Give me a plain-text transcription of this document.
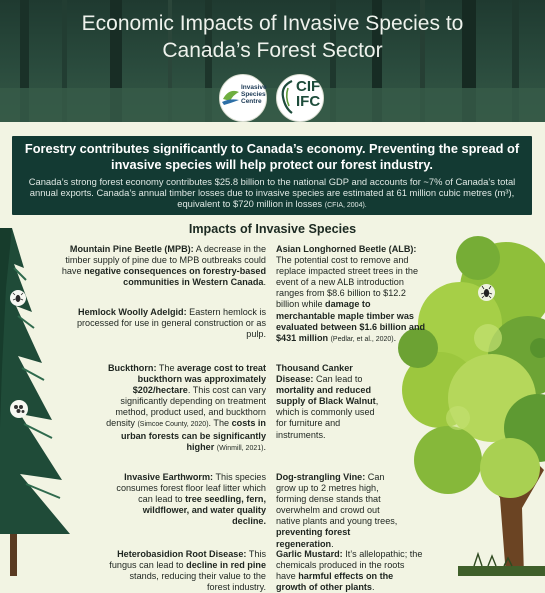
Economic Impacts of Invasive Species to
Canada’s Forest Sector
Invasive
Species
Centre
CIF
IFC
Forestry contributes significantly to Canada’s economy. Preventing the spread of invasive species will help protect our forest industry.
Canada’s strong forest economy contributes $25.8 billion to the national GDP and accounts for ~7% of Canada’s total annual exports. Canada’s annual timber losses due to invasive species are estimated at 61 million cubic metres (m³), equivalent to $720 million in losses (CFIA, 2004).
Impacts of Invasive Species
Mountain Pine Beetle (MPB): A decrease in the timber supply of pine due to MPB outbreaks could have negative consequences on forestry-based communities in Western Canada.
Hemlock Woolly Adelgid: Eastern hemlock is processed for use in general construction or as pulp.
Buckthorn: The average cost to treat buckthorn was approximately $202/hectare. This cost can vary significantly depending on treatment method, product used, and buckthorn density (Simcoe County, 2020). The costs in urban forests can be significantly higher (Winmill, 2021).
Invasive Earthworm: This species consumes forest floor leaf litter which can lead to tree seedling, fern, wildflower, and water quality decline.
Heterobasidion Root Disease: This fungus can lead to decline in red pine stands, reducing their value to the forest industry.
Asian Longhorned Beetle (ALB): The potential cost to remove and replace impacted street trees in the event of a new ALB introduction ranges from $8.6 billion to $12.2 billion while damage to merchantable maple timber was evaluated between $1.6 billion and $431 million (Pedlar, et al., 2020).
Thousand Canker Disease: Can lead to mortality and reduced supply of Black Walnut, which is commonly used for furniture and instruments.
Dog-strangling Vine: Can grow up to 2 metres high, forming dense stands that overwhelm and crowd out native plants and young trees, preventing forest regeneration.
Garlic Mustard: It’s allelopathic; the chemicals produced in the roots have harmful effects on the growth of other plants.
